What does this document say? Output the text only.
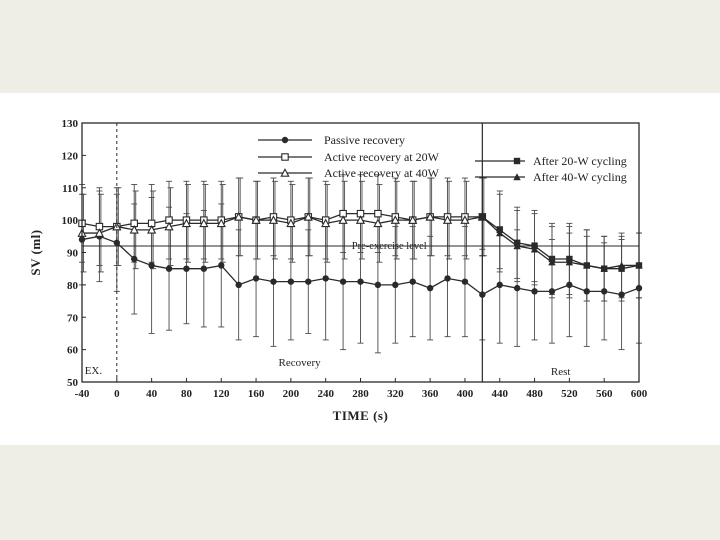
-40 0 40 80 120 160 200 240 280 320 360 400 440 480 520 560 600
50
60
70
80
90
100
110
120
130
Pre-exercise level
EX.
Recovery
Rest
Passive recovery
Active recovery at 20W
Active recovery at 40W
After 20-W cycling
After 40-W cycling
TIME (s)
SV (ml)
